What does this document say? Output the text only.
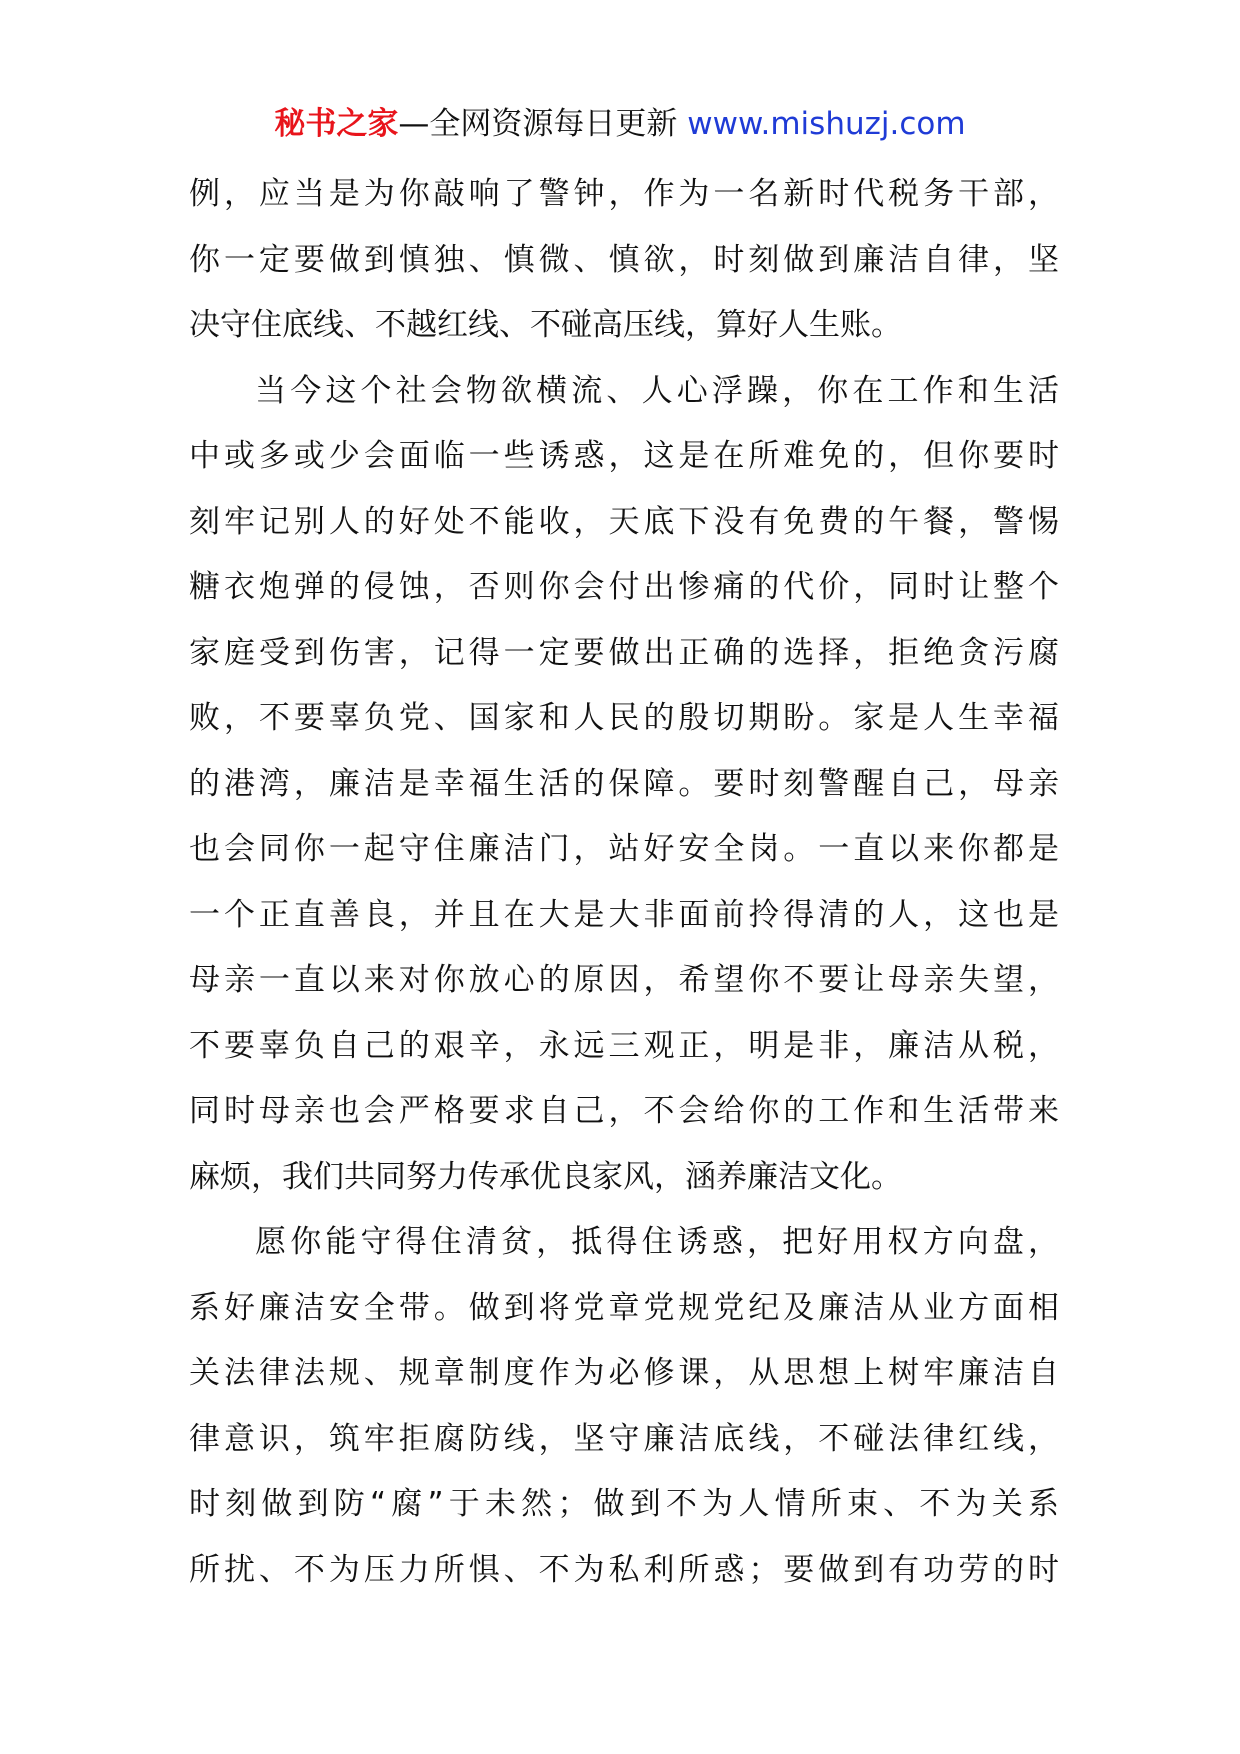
秘书之家—全网资源每日更新 www.mishuzj.com

例，应当是为你敲响了警钟，作为一名新时代税务干部，
你一定要做到慎独、慎微、慎欲，时刻做到廉洁自律，坚
决守住底线、不越红线、不碰高压线，算好人生账。

当今这个社会物欲横流、人心浮躁，你在工作和生活
中或多或少会面临一些诱惑，这是在所难免的，但你要时
刻牢记别人的好处不能收，天底下没有免费的午餐，警惕
糖衣炮弹的侵蚀，否则你会付出惨痛的代价，同时让整个
家庭受到伤害，记得一定要做出正确的选择，拒绝贪污腐
败，不要辜负党、国家和人民的殷切期盼。家是人生幸福
的港湾，廉洁是幸福生活的保障。要时刻警醒自己，母亲
也会同你一起守住廉洁门，站好安全岗。一直以来你都是
一个正直善良，并且在大是大非面前拎得清的人，这也是
母亲一直以来对你放心的原因，希望你不要让母亲失望，
不要辜负自己的艰辛，永远三观正，明是非，廉洁从税，
同时母亲也会严格要求自己，不会给你的工作和生活带来
麻烦，我们共同努力传承优良家风，涵养廉洁文化。

愿你能守得住清贫，抵得住诱惑，把好用权方向盘，
系好廉洁安全带。做到将党章党规党纪及廉洁从业方面相
关法律法规、规章制度作为必修课，从思想上树牢廉洁自
律意识，筑牢拒腐防线，坚守廉洁底线，不碰法律红线，
时刻做到防“腐”于未然；做到不为人情所束、不为关系
所扰、不为压力所惧、不为私利所惑；要做到有功劳的时
